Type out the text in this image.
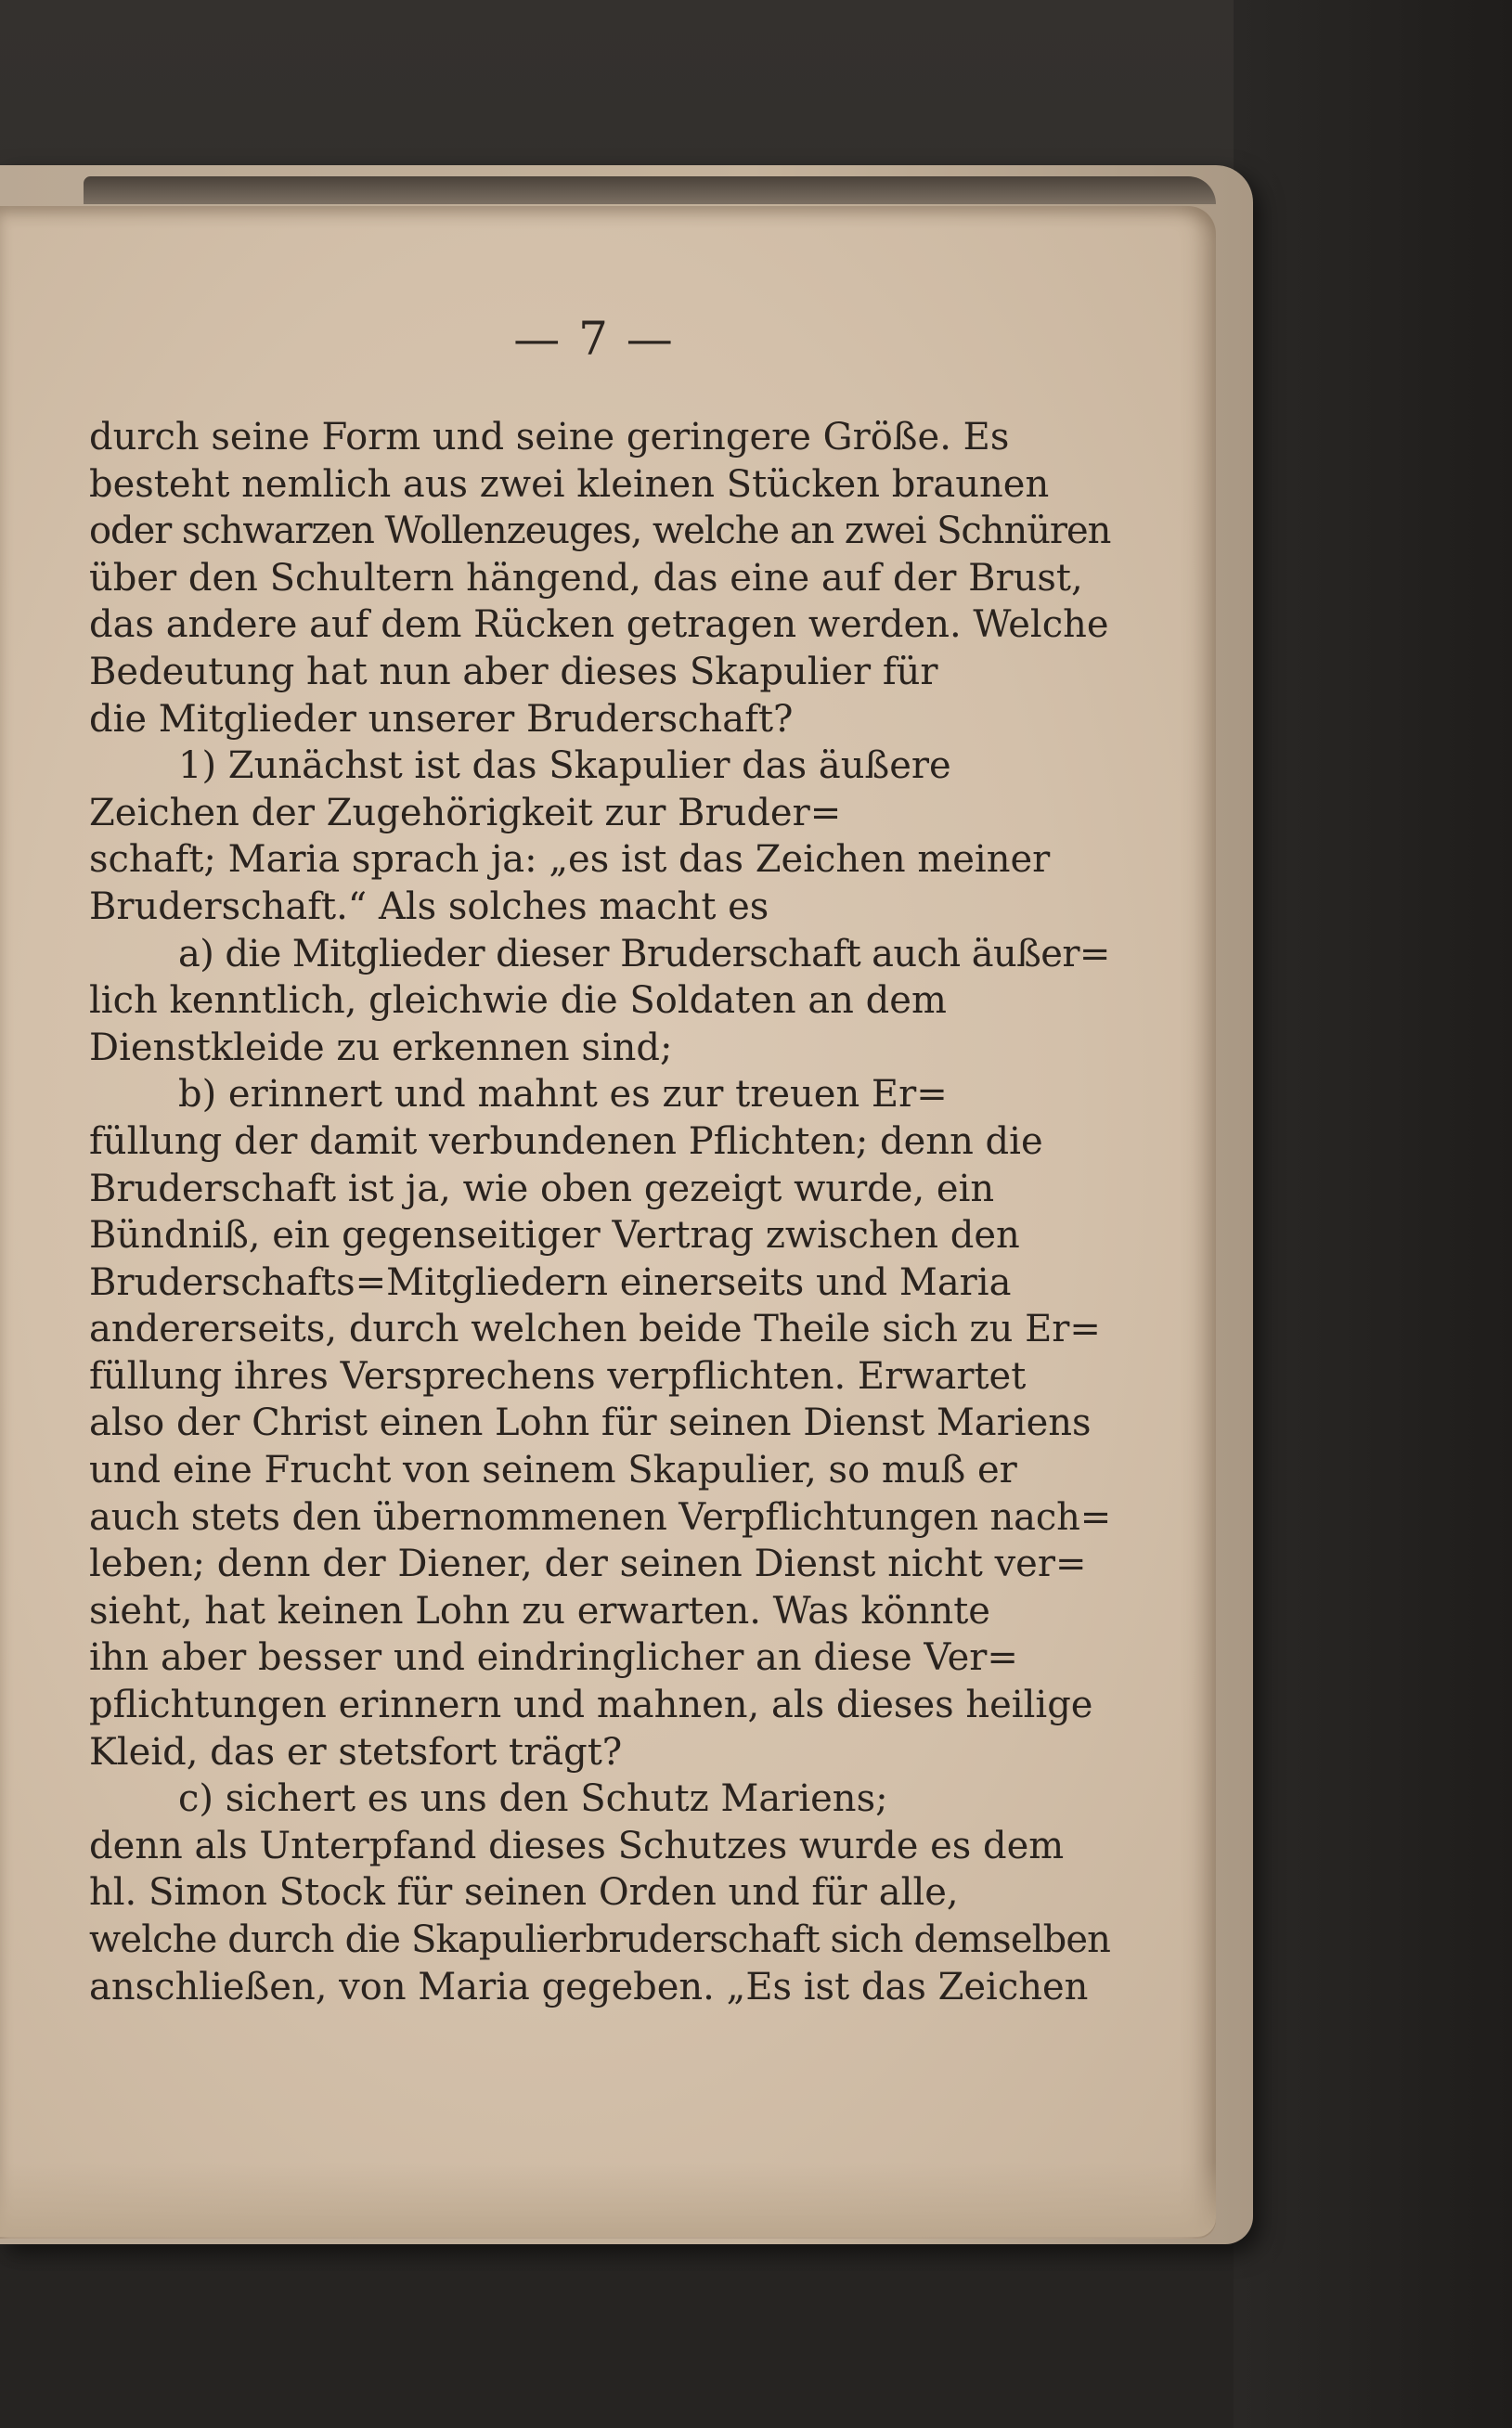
— 7 —
durch seine Form und seine geringere Größe. Es
besteht nemlich aus zwei kleinen Stücken braunen
oder schwarzen Wollenzeuges, welche an zwei Schnüren
über den Schultern hängend, das eine auf der Brust,
das andere auf dem Rücken getragen werden. Welche
Bedeutung hat nun aber dieses Skapulier für
die Mitglieder unserer Bruderschaft?
1) Zunächst ist das Skapulier das äußere
Zeichen der Zugehörigkeit zur Bruder=
schaft; Maria sprach ja: „es ist das Zeichen meiner
Bruderschaft.“ Als solches macht es
a) die Mitglieder dieser Bruderschaft auch äußer=
lich kenntlich, gleichwie die Soldaten an dem
Dienstkleide zu erkennen sind;
b) erinnert und mahnt es zur treuen Er=
füllung der damit verbundenen Pflichten; denn die
Bruderschaft ist ja, wie oben gezeigt wurde, ein
Bündniß, ein gegenseitiger Vertrag zwischen den
Bruderschafts=Mitgliedern einerseits und Maria
andererseits, durch welchen beide Theile sich zu Er=
füllung ihres Versprechens verpflichten. Erwartet
also der Christ einen Lohn für seinen Dienst Mariens
und eine Frucht von seinem Skapulier, so muß er
auch stets den übernommenen Verpflichtungen nach=
leben; denn der Diener, der seinen Dienst nicht ver=
sieht, hat keinen Lohn zu erwarten. Was könnte
ihn aber besser und eindringlicher an diese Ver=
pflichtungen erinnern und mahnen, als dieses heilige
Kleid, das er stetsfort trägt?
c) sichert es uns den Schutz Mariens;
denn als Unterpfand dieses Schutzes wurde es dem
hl. Simon Stock für seinen Orden und für alle,
welche durch die Skapulierbruderschaft sich demselben
anschließen, von Maria gegeben. „Es ist das Zeichen
